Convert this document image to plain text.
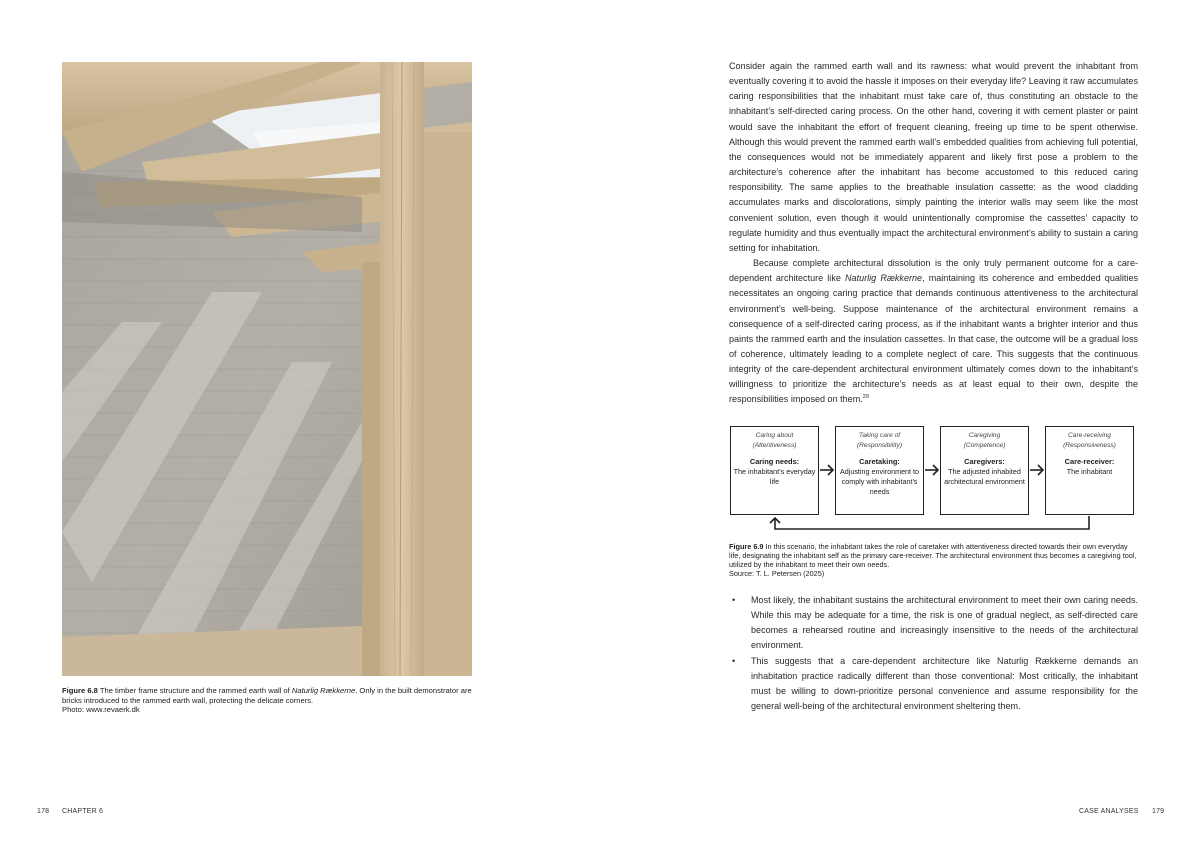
Figure 6.8 The timber frame structure and the rammed earth wall of Naturlig Rækkerne. Only in the built demonstrator are bricks introduced to the rammed earth wall, protecting the delicate corners.
Photo: www.revaerk.dk
178 CHAPTER 6

Consider again the rammed earth wall and its rawness: what would prevent the inhabitant from eventually covering it to avoid the hassle it imposes on their everyday life? Leaving it raw accumulates caring responsibilities that the inhabitant must take care of, thus constituting an obstacle to the inhabitant’s self-directed caring process. On the other hand, covering it with cement plaster or paint would save the inhabitant the effort of frequent cleaning, freeing up time to be spent otherwise. Although this would prevent the rammed earth wall’s embedded qualities from achieving full potential, the consequences would not be immediately apparent and likely first pose a problem to the architecture’s coherence after the inhabitant has become accustomed to this reduced caring responsibility. The same applies to the breathable insulation cassette: as the wood cladding accumulates marks and discolorations, simply painting the interior walls may seem like the most convenient solution, even though it would unintentionally compromise the cassettes’ capacity to regulate humidity and thus eventually impact the architectural environment’s ability to sustain a caring setting for inhabitation.

Because complete architectural dissolution is the only truly permanent outcome for a care-dependent architecture like Naturlig Rækkerne, maintaining its coherence and embedded qualities necessitates an ongoing caring practice that demands continuous attentiveness to the architectural environment’s well-being. Suppose maintenance of the architectural environment remains a consequence of a self-directed caring process, as if the inhabitant wants a brighter interior and thus paints the rammed earth and the insulation cassettes. In that case, the outcome will be a gradual loss of coherence, ultimately leading to a complete neglect of care. This suggests that the continuous integrity of the care-dependent architectural environment ultimately comes down to the inhabitant’s willingness to prioritize the architecture’s needs as at least equal to their own, despite the responsibilities imposed on them.$^{29}$

Caring about
(Attentiveness)
Caring needs:
The inhabitant’s everyday life
Taking care of
(Responsibility)
Caretaking:
Adjusting environment to comply with inhabitant’s needs
Caregiving
(Competence)
Caregivers:
The adjusted inhabited architectural environment
Care-receiving
(Responsiveness)
Care-receiver:
The inhabitant
Figure 6.9 In this scenario, the inhabitant takes the role of caretaker with attentiveness directed towards their own everyday life, designating the inhabitant self as the primary care-receiver. The architectural environment thus becomes a caregiving tool, utilized by the inhabitant to meet their own needs.
Source: T. L. Petersen (2025)
• Most likely, the inhabitant sustains the architectural environment to meet their own caring needs. While this may be adequate for a time, the risk is one of gradual neglect, as self-directed care becomes a rehearsed routine and increasingly insensitive to the needs of the architectural environment.
• This suggests that a care-dependent architecture like Naturlig Rækkerne demands an inhabitation practice radically different than those conventional: Most critically, the inhabitant must be willing to down-prioritize personal convenience and assume responsibility for the general well-being of the architectural environment sheltering them.
CASE ANALYSES 179
